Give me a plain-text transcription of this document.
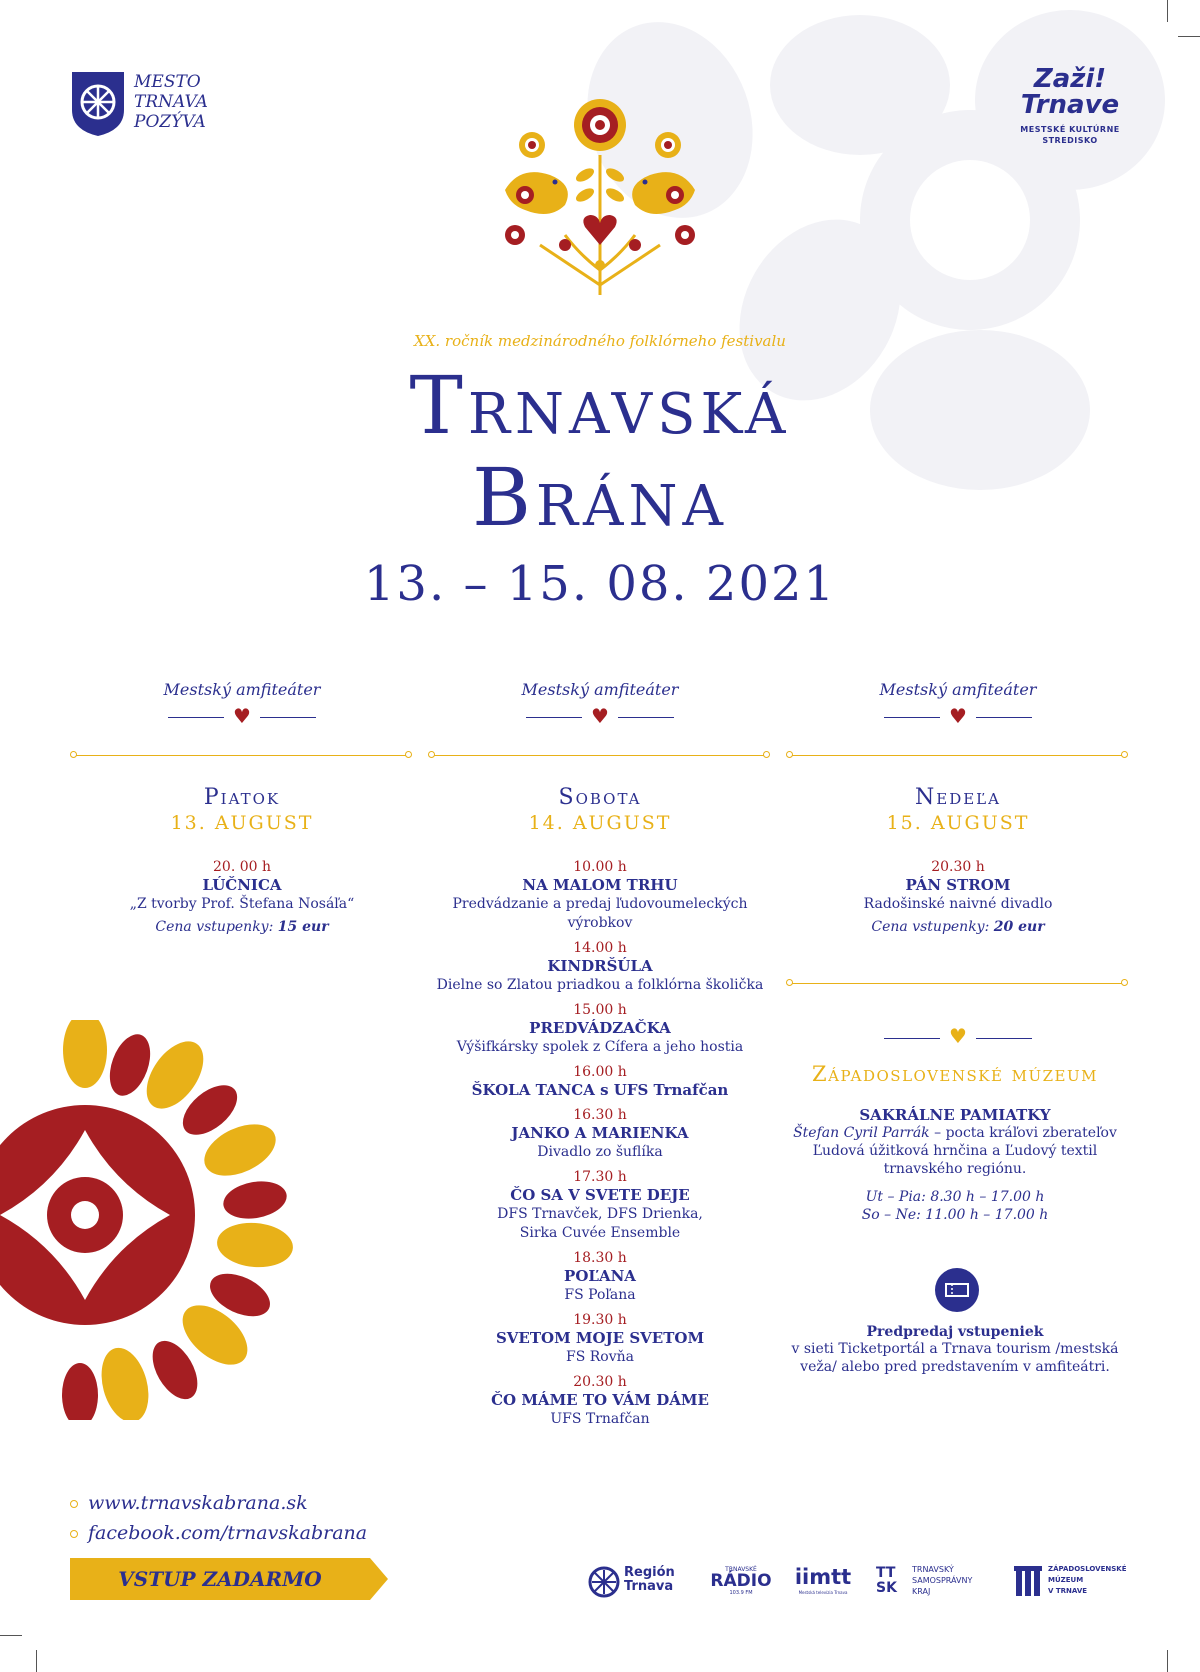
MESTO
TRNAVA
POZÝVA
Zaži!
Trnave
MESTSKÉ KULTÚRNE
STREDISKO
XX. ročník medzinárodného folklórneho festivalu
Trnavská
Brána
13. – 15. 08. 2021
Mestský amfiteáter
♥
Mestský amfiteáter
♥
Mestský amfiteáter
♥
Piatok
13. AUGUST
Sobota
14. AUGUST
Nedeľa
15. AUGUST
20. 00 h
LÚČNICA
„Z tvorby Prof. Štefana Nosáľa“
Cena vstupenky: 15 eur
10.00 h
NA MALOM TRHU
Predvádzanie a predaj ľudovoumeleckých výrobkov
14.00 h
KINDRŠÚLA
Dielne so Zlatou priadkou a folklórna školička
15.00 h
PREDVÁDZAČKA
Výšifkársky spolek z Cífera a jeho hostia
16.00 h
ŠKOLA TANCA s UFS Trnafčan
16.30 h
JANKO A MARIENKA
Divadlo zo šuflíka
17.30 h
ČO SA V SVETE DEJE
DFS Trnavček, DFS Drienka,
Sirka Cuvée Ensemble
18.30 h
POĽANA
FS Poľana
19.30 h
SVETOM MOJE SVETOM
FS Rovňa
20.30 h
ČO MÁME TO VÁM DÁME
UFS Trnafčan
20.30 h
PÁN STROM
Radošinské naivné divadlo
Cena vstupenky: 20 eur
♥
Západoslovenské múzeum
SAKRÁLNE PAMIATKY
Štefan Cyril Parrák – pocta kráľovi zberateľov
Ľudová úžitková hrnčina a Ľudový textil
trnavského regiónu.
Ut – Pia: 8.30 h – 17.00 h
So – Ne: 11.00 h – 17.00 h
Predpredaj vstupeniek
v sieti Ticketportál a Trnava tourism /mestská
veža/ alebo pred predstavením v amfiteátri.
www.trnavskabrana.sk
facebook.com/trnavskabrana
VSTUP ZADARMO	Región
Trnava
TRNAVSKÉ
RÁDIO
103.9 FM
iimtt
Mestská televízia Trnava
TT
SK
TRNAVSKÝ
SAMOSPRÁVNY
KRAJ
ZÁPADOSLOVENSKÉ
MÚZEUM
V TRNAVE
